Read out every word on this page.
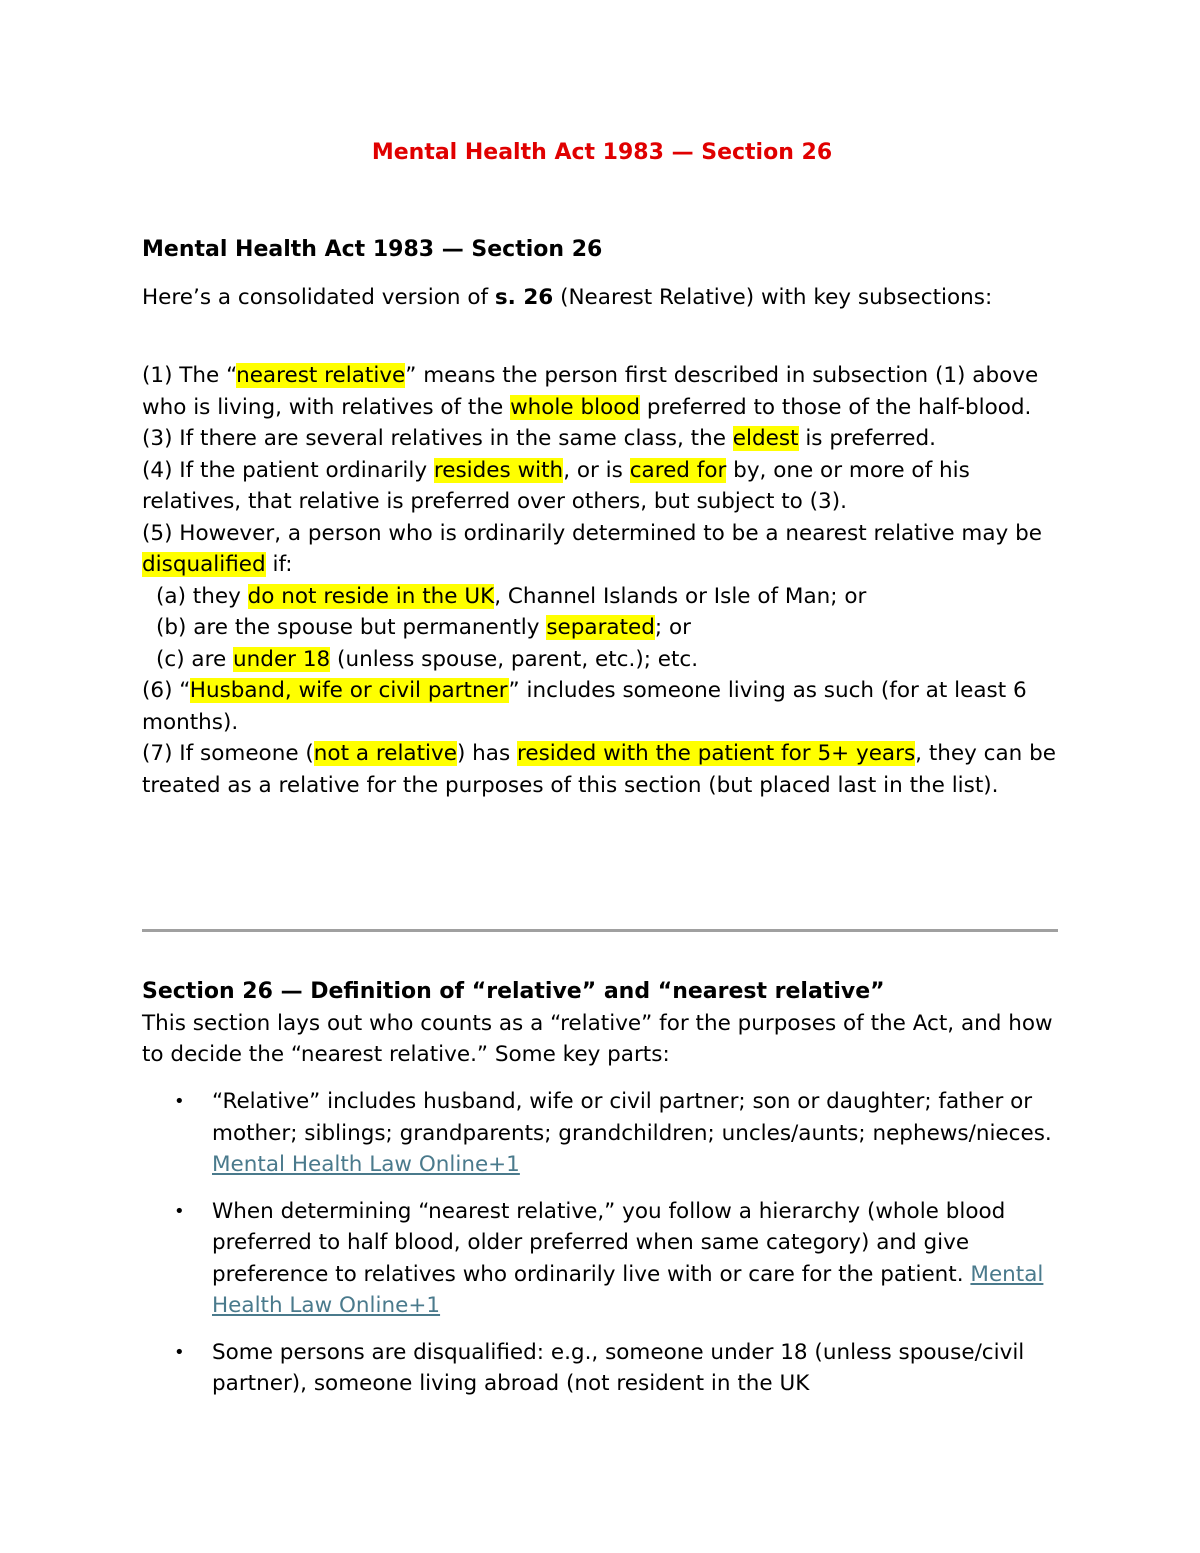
Mental Health Act 1983 — Section 26
Mental Health Act 1983 — Section 26

Here’s a consolidated version of s. 26 (Nearest Relative) with key subsections:

(1) The “nearest relative” means the person first described in subsection (1) above who is living, with relatives of the whole blood preferred to those of the half-blood.
(3) If there are several relatives in the same class, the eldest is preferred.
(4) If the patient ordinarily resides with, or is cared for by, one or more of his relatives, that relative is preferred over others, but subject to (3).
(5) However, a person who is ordinarily determined to be a nearest relative may be disqualified if:
(a) they do not reside in the UK, Channel Islands or Isle of Man; or
(b) are the spouse but permanently separated; or
(c) are under 18 (unless spouse, parent, etc.); etc.
(6) “Husband, wife or civil partner” includes someone living as such (for at least 6 months).
(7) If someone (not a relative) has resided with the patient for 5+ years, they can be treated as a relative for the purposes of this section (but placed last in the list).

Section 26 — Definition of “relative” and “nearest relative”
This section lays out who counts as a “relative” for the purposes of the Act, and how to decide the “nearest relative.” Some key parts:

• “Relative” includes husband, wife or civil partner; son or daughter; father or mother; siblings; grandparents; grandchildren; uncles/aunts; nephews/nieces. Mental Health Law Online+1
• When determining “nearest relative,” you follow a hierarchy (whole blood preferred to half blood, older preferred when same category) and give preference to relatives who ordinarily live with or care for the patient. Mental Health Law Online+1
• Some persons are disqualified: e.g., someone under 18 (unless spouse/civil partner), someone living abroad (not resident in the UK
